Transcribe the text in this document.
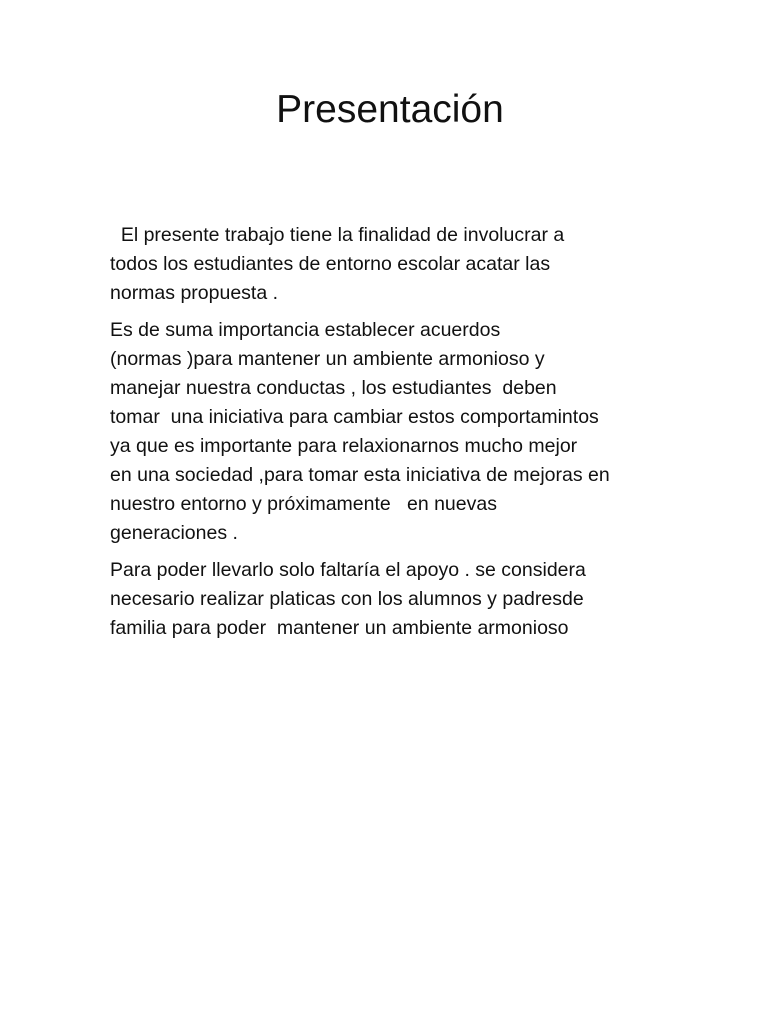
Presentación

El presente trabajo tiene la finalidad de involucrar a
todos los estudiantes de entorno escolar acatar las
normas propuesta .

Es de suma importancia establecer acuerdos
(normas )para mantener un ambiente armonioso y
manejar nuestra conductas , los estudiantes  deben
tomar  una iniciativa para cambiar estos comportamintos
ya que es importante para relaxionarnos mucho mejor
en una sociedad ,para tomar esta iniciativa de mejoras en
nuestro entorno y próximamente   en nuevas
generaciones .

Para poder llevarlo solo faltaría el apoyo . se considera
necesario realizar platicas con los alumnos y padresde
familia para poder  mantener un ambiente armonioso
